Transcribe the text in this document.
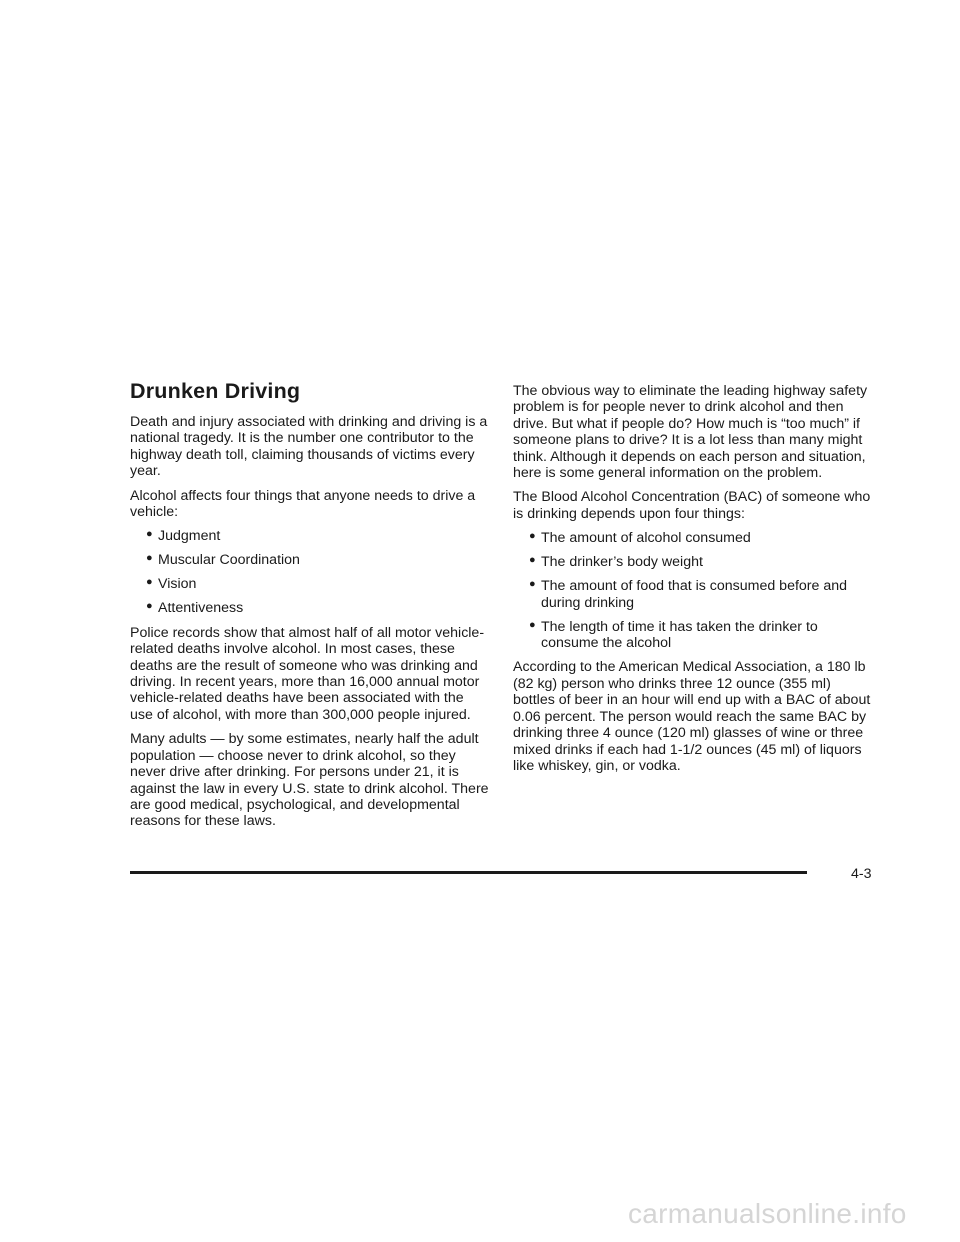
Drunken Driving

Death and injury associated with drinking and driving is a national tragedy. It is the number one contributor to the highway death toll, claiming thousands of victims every year.

Alcohol affects four things that anyone needs to drive a vehicle:

● Judgment
● Muscular Coordination
● Vision
● Attentiveness

Police records show that almost half of all motor vehicle-related deaths involve alcohol. In most cases, these deaths are the result of someone who was drinking and driving. In recent years, more than 16,000 annual motor vehicle-related deaths have been associated with the use of alcohol, with more than 300,000 people injured.

Many adults — by some estimates, nearly half the adult population — choose never to drink alcohol, so they never drive after drinking. For persons under 21, it is against the law in every U.S. state to drink alcohol. There are good medical, psychological, and developmental reasons for these laws.

The obvious way to eliminate the leading highway safety problem is for people never to drink alcohol and then drive. But what if people do? How much is “too much” if someone plans to drive? It is a lot less than many might think. Although it depends on each person and situation, here is some general information on the problem.

The Blood Alcohol Concentration (BAC) of someone who is drinking depends upon four things:

● The amount of alcohol consumed
● The drinker’s body weight
● The amount of food that is consumed before and during drinking
● The length of time it has taken the drinker to consume the alcohol

According to the American Medical Association, a 180 lb (82 kg) person who drinks three 12 ounce (355 ml) bottles of beer in an hour will end up with a BAC of about 0.06 percent. The person would reach the same BAC by drinking three 4 ounce (120 ml) glasses of wine or three mixed drinks if each had 1-1/2 ounces (45 ml) of liquors like whiskey, gin, or vodka.

4-3
carmanualsonline.info
